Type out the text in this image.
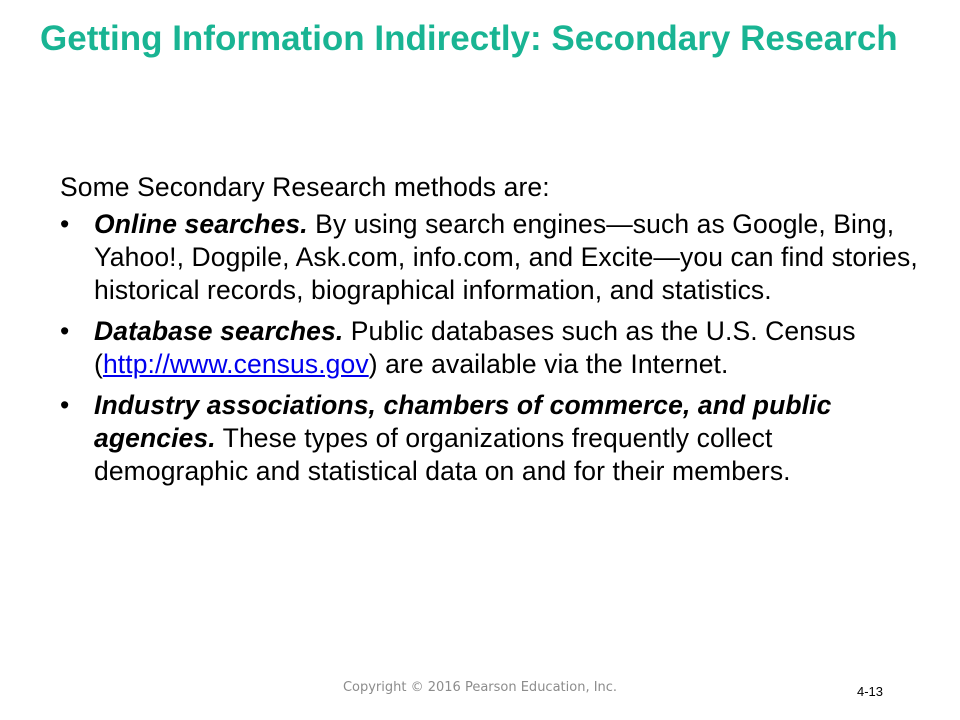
Getting Information Indirectly: Secondary Research

Some Secondary Research methods are:

• Online searches. By using search engines—such as Google, Bing, Yahoo!, Dogpile, Ask.com, info.com, and Excite—you can find stories, historical records, biographical information, and statistics.
• Database searches. Public databases such as the U.S. Census (http://www.census.gov) are available via the Internet.
• Industry associations, chambers of commerce, and public agencies. These types of organizations frequently collect demographic and statistical data on and for their members.
Copyright © 2016 Pearson Education, Inc.	4-13
